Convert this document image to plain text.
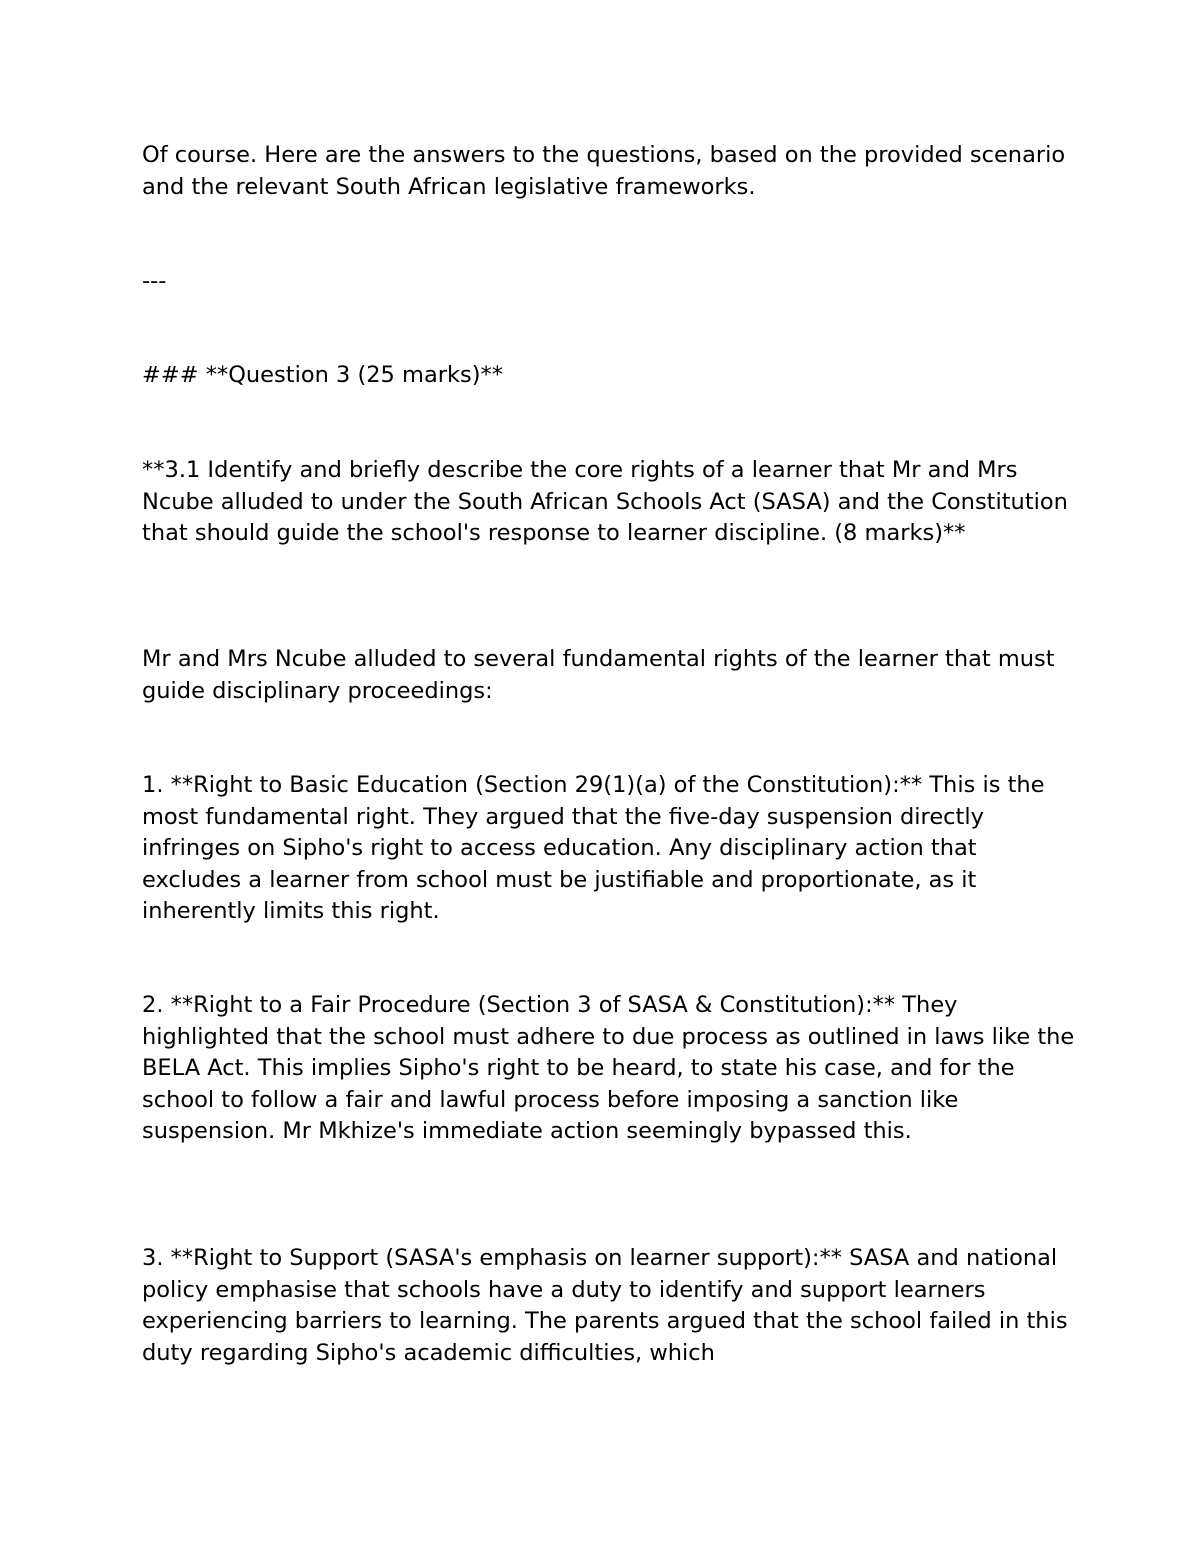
Of course. Here are the answers to the questions, based on the provided scenario and the relevant South African legislative frameworks.

---

### **Question 3 (25 marks)**

**3.1 Identify and briefly describe the core rights of a learner that Mr and Mrs Ncube alluded to under the South African Schools Act (SASA) and the Constitution that should guide the school's response to learner discipline. (8 marks)**

Mr and Mrs Ncube alluded to several fundamental rights of the learner that must guide disciplinary proceedings:

1. **Right to Basic Education (Section 29(1)(a) of the Constitution):** This is the most fundamental right. They argued that the five-day suspension directly infringes on Sipho's right to access education. Any disciplinary action that excludes a learner from school must be justifiable and proportionate, as it inherently limits this right.

2. **Right to a Fair Procedure (Section 3 of SASA & Constitution):** They highlighted that the school must adhere to due process as outlined in laws like the BELA Act. This implies Sipho's right to be heard, to state his case, and for the school to follow a fair and lawful process before imposing a sanction like suspension. Mr Mkhize's immediate action seemingly bypassed this.

3. **Right to Support (SASA's emphasis on learner support):** SASA and national policy emphasise that schools have a duty to identify and support learners experiencing barriers to learning. The parents argued that the school failed in this duty regarding Sipho's academic difficulties, which
